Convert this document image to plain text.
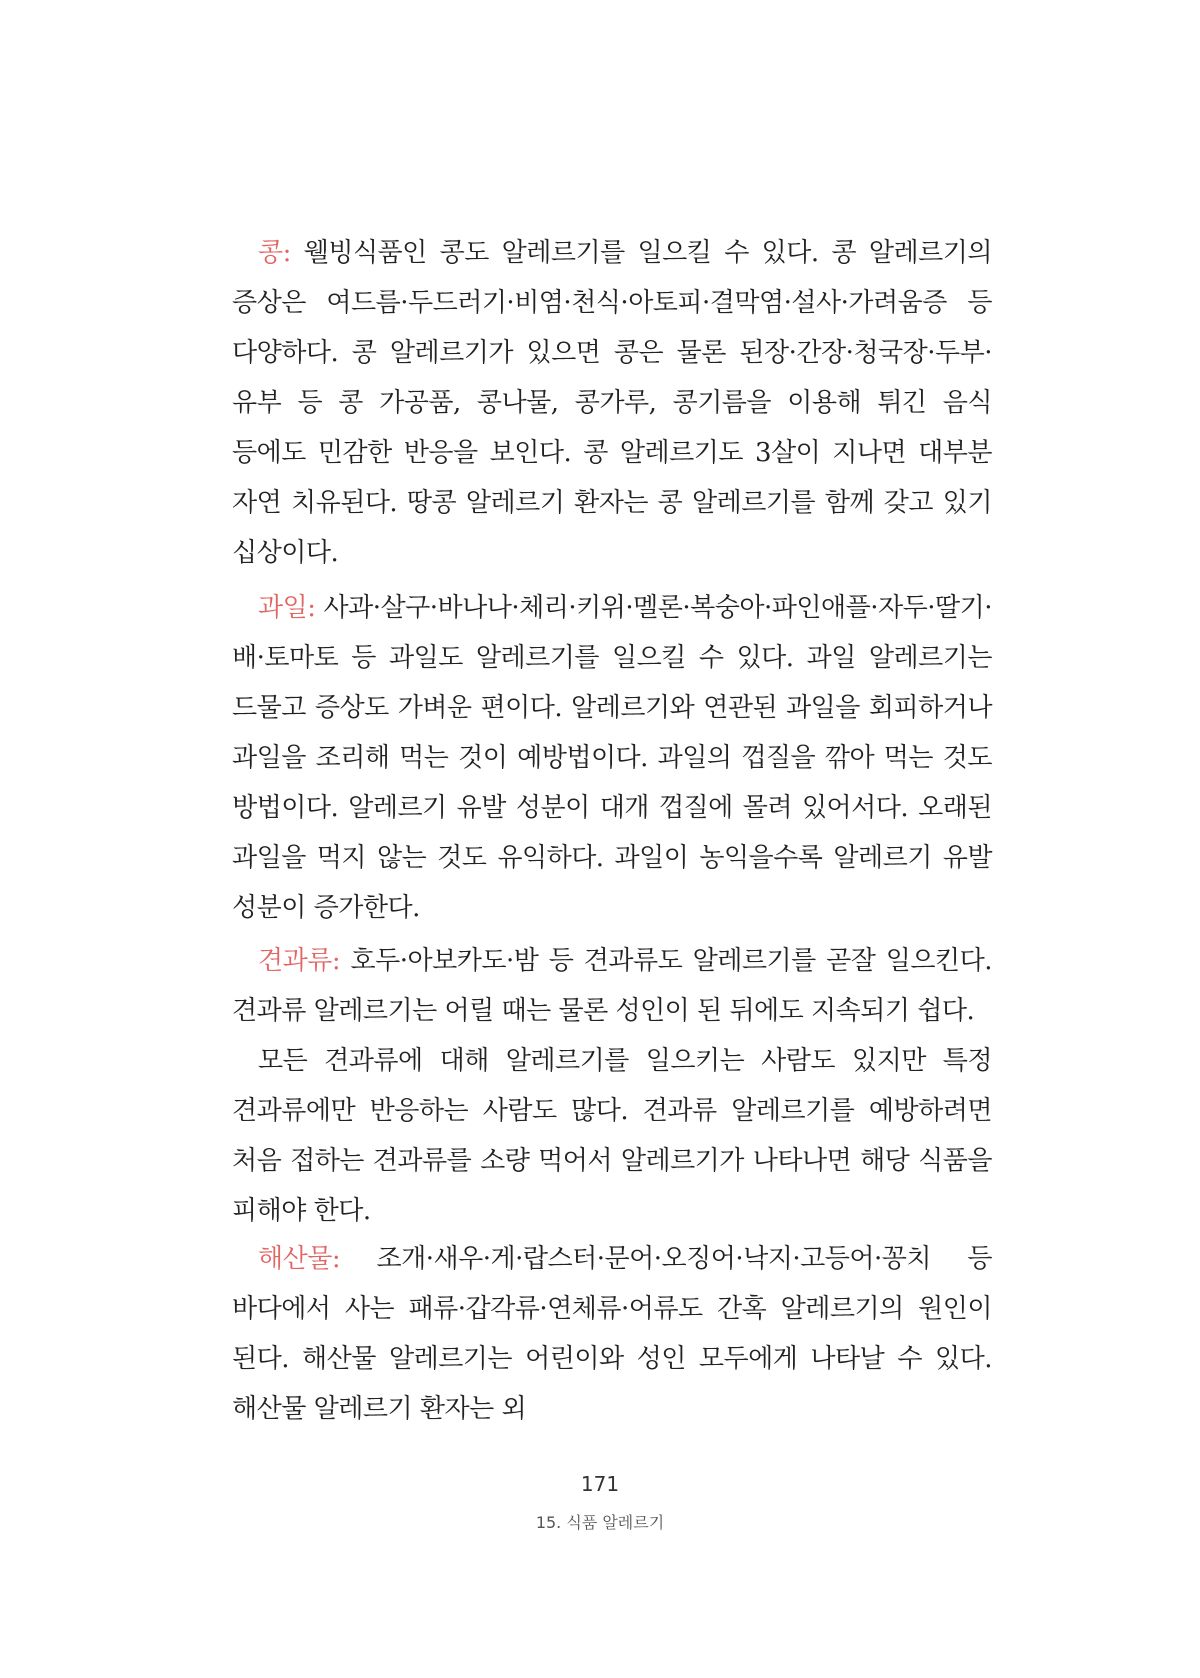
콩: 웰빙식품인 콩도 알레르기를 일으킬 수 있다. 콩 알레르기의 증상은 여드름·두드러기·비염·천식·아토피·결막염·설사·가려움증 등 다양하다. 콩 알레르기가 있으면 콩은 물론 된장·간장·청국장·두부·유부 등 콩 가공품, 콩나물, 콩가루, 콩기름을 이용해 튀긴 음식 등에도 민감한 반응을 보인다. 콩 알레르기도 3살이 지나면 대부분 자연 치유된다. 땅콩 알레르기 환자는 콩 알레르기를 함께 갖고 있기 십상이다.

과일: 사과·살구·바나나·체리·키위·멜론·복숭아·파인애플·자두·딸기·배·토마토 등 과일도 알레르기를 일으킬 수 있다. 과일 알레르기는 드물고 증상도 가벼운 편이다. 알레르기와 연관된 과일을 회피하거나 과일을 조리해 먹는 것이 예방법이다. 과일의 껍질을 깎아 먹는 것도 방법이다. 알레르기 유발 성분이 대개 껍질에 몰려 있어서다. 오래된 과일을 먹지 않는 것도 유익하다. 과일이 농익을수록 알레르기 유발 성분이 증가한다.

견과류: 호두·아보카도·밤 등 견과류도 알레르기를 곧잘 일으킨다. 견과류 알레르기는 어릴 때는 물론 성인이 된 뒤에도 지속되기 쉽다.

모든 견과류에 대해 알레르기를 일으키는 사람도 있지만 특정 견과류에만 반응하는 사람도 많다. 견과류 알레르기를 예방하려면 처음 접하는 견과류를 소량 먹어서 알레르기가 나타나면 해당 식품을 피해야 한다.

해산물: 조개·새우·게·랍스터·문어·오징어·낙지·고등어·꽁치 등 바다에서 사는 패류·갑각류·연체류·어류도 간혹 알레르기의 원인이 된다. 해산물 알레르기는 어린이와 성인 모두에게 나타날 수 있다. 해산물 알레르기 환자는 외

171
15. 식품 알레르기
